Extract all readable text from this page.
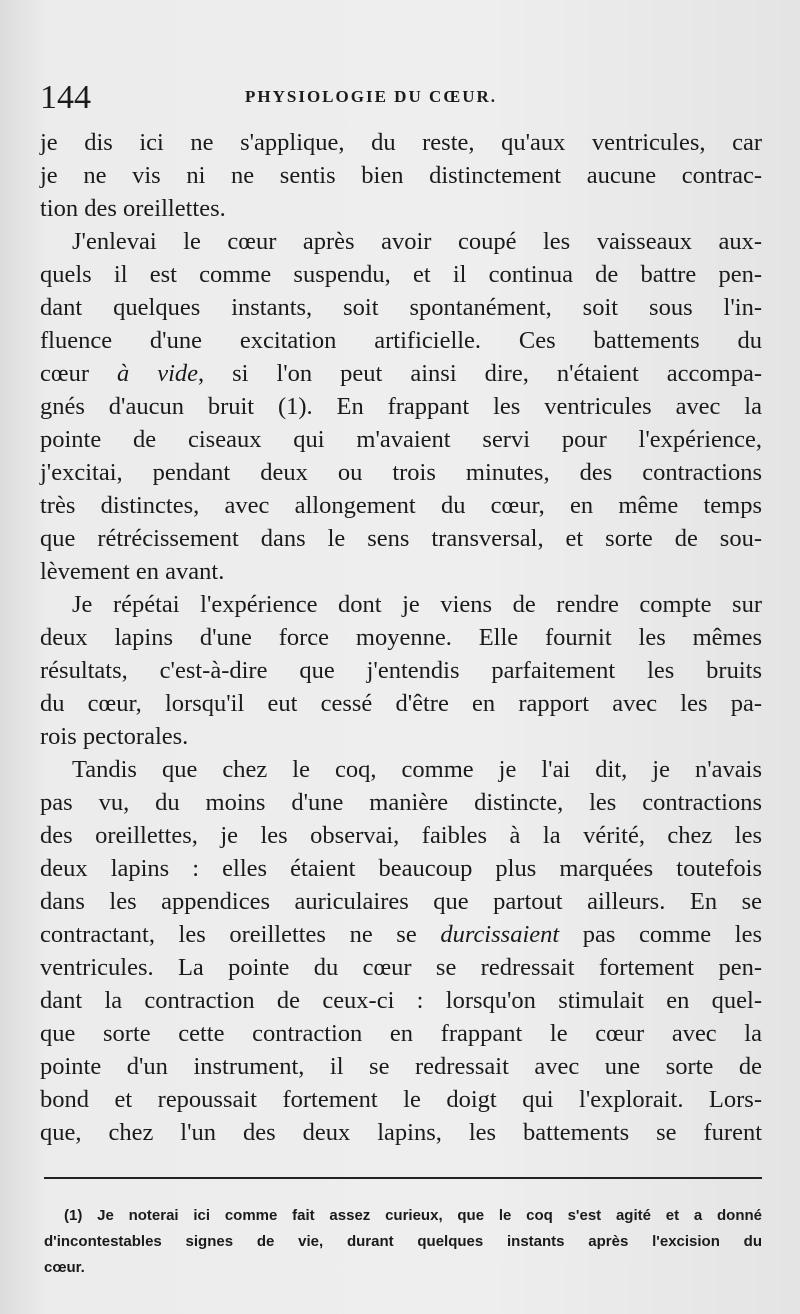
144	PHYSIOLOGIE DU CŒUR.
je dis ici ne s'applique, du reste, qu'aux ventricules, car
je ne vis ni ne sentis bien distinctement aucune contrac-
tion des oreillettes.
J'enlevai le cœur après avoir coupé les vaisseaux aux-
quels il est comme suspendu, et il continua de battre pen-
dant quelques instants, soit spontanément, soit sous l'in-
fluence d'une excitation artificielle. Ces battements du
cœur à vide, si l'on peut ainsi dire, n'étaient accompa-
gnés d'aucun bruit (1). En frappant les ventricules avec la
pointe de ciseaux qui m'avaient servi pour l'expérience,
j'excitai, pendant deux ou trois minutes, des contractions
très distinctes, avec allongement du cœur, en même temps
que rétrécissement dans le sens transversal, et sorte de sou-
lèvement en avant.
Je répétai l'expérience dont je viens de rendre compte sur
deux lapins d'une force moyenne. Elle fournit les mêmes
résultats, c'est-à-dire que j'entendis parfaitement les bruits
du cœur, lorsqu'il eut cessé d'être en rapport avec les pa-
rois pectorales.
Tandis que chez le coq, comme je l'ai dit, je n'avais
pas vu, du moins d'une manière distincte, les contractions
des oreillettes, je les observai, faibles à la vérité, chez les
deux lapins : elles étaient beaucoup plus marquées toutefois
dans les appendices auriculaires que partout ailleurs. En se
contractant, les oreillettes ne se durcissaient pas comme les
ventricules. La pointe du cœur se redressait fortement pen-
dant la contraction de ceux-ci : lorsqu'on stimulait en quel-
que sorte cette contraction en frappant le cœur avec la
pointe d'un instrument, il se redressait avec une sorte de
bond et repoussait fortement le doigt qui l'explorait. Lors-
que, chez l'un des deux lapins, les battements se furent
(1) Je noterai ici comme fait assez curieux, que le coq s'est agité et a donné
d'incontestables signes de vie, durant quelques instants après l'excision du
cœur.
